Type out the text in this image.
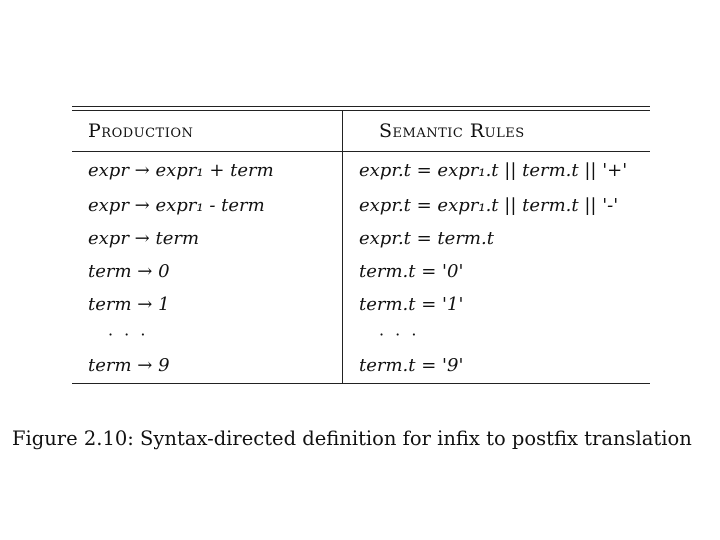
Production	Semantic Rules
expr → expr₁ + term	expr.t = expr₁.t || term.t || '+'
expr → expr₁ - term	expr.t = expr₁.t || term.t || '-'
expr → term	expr.t = term.t
term → 0	term.t = '0'
term → 1	term.t = '1'
· · ·	· · ·
term → 9	term.t = '9'
Figure 2.10: Syntax-directed definition for infix to postfix translation
